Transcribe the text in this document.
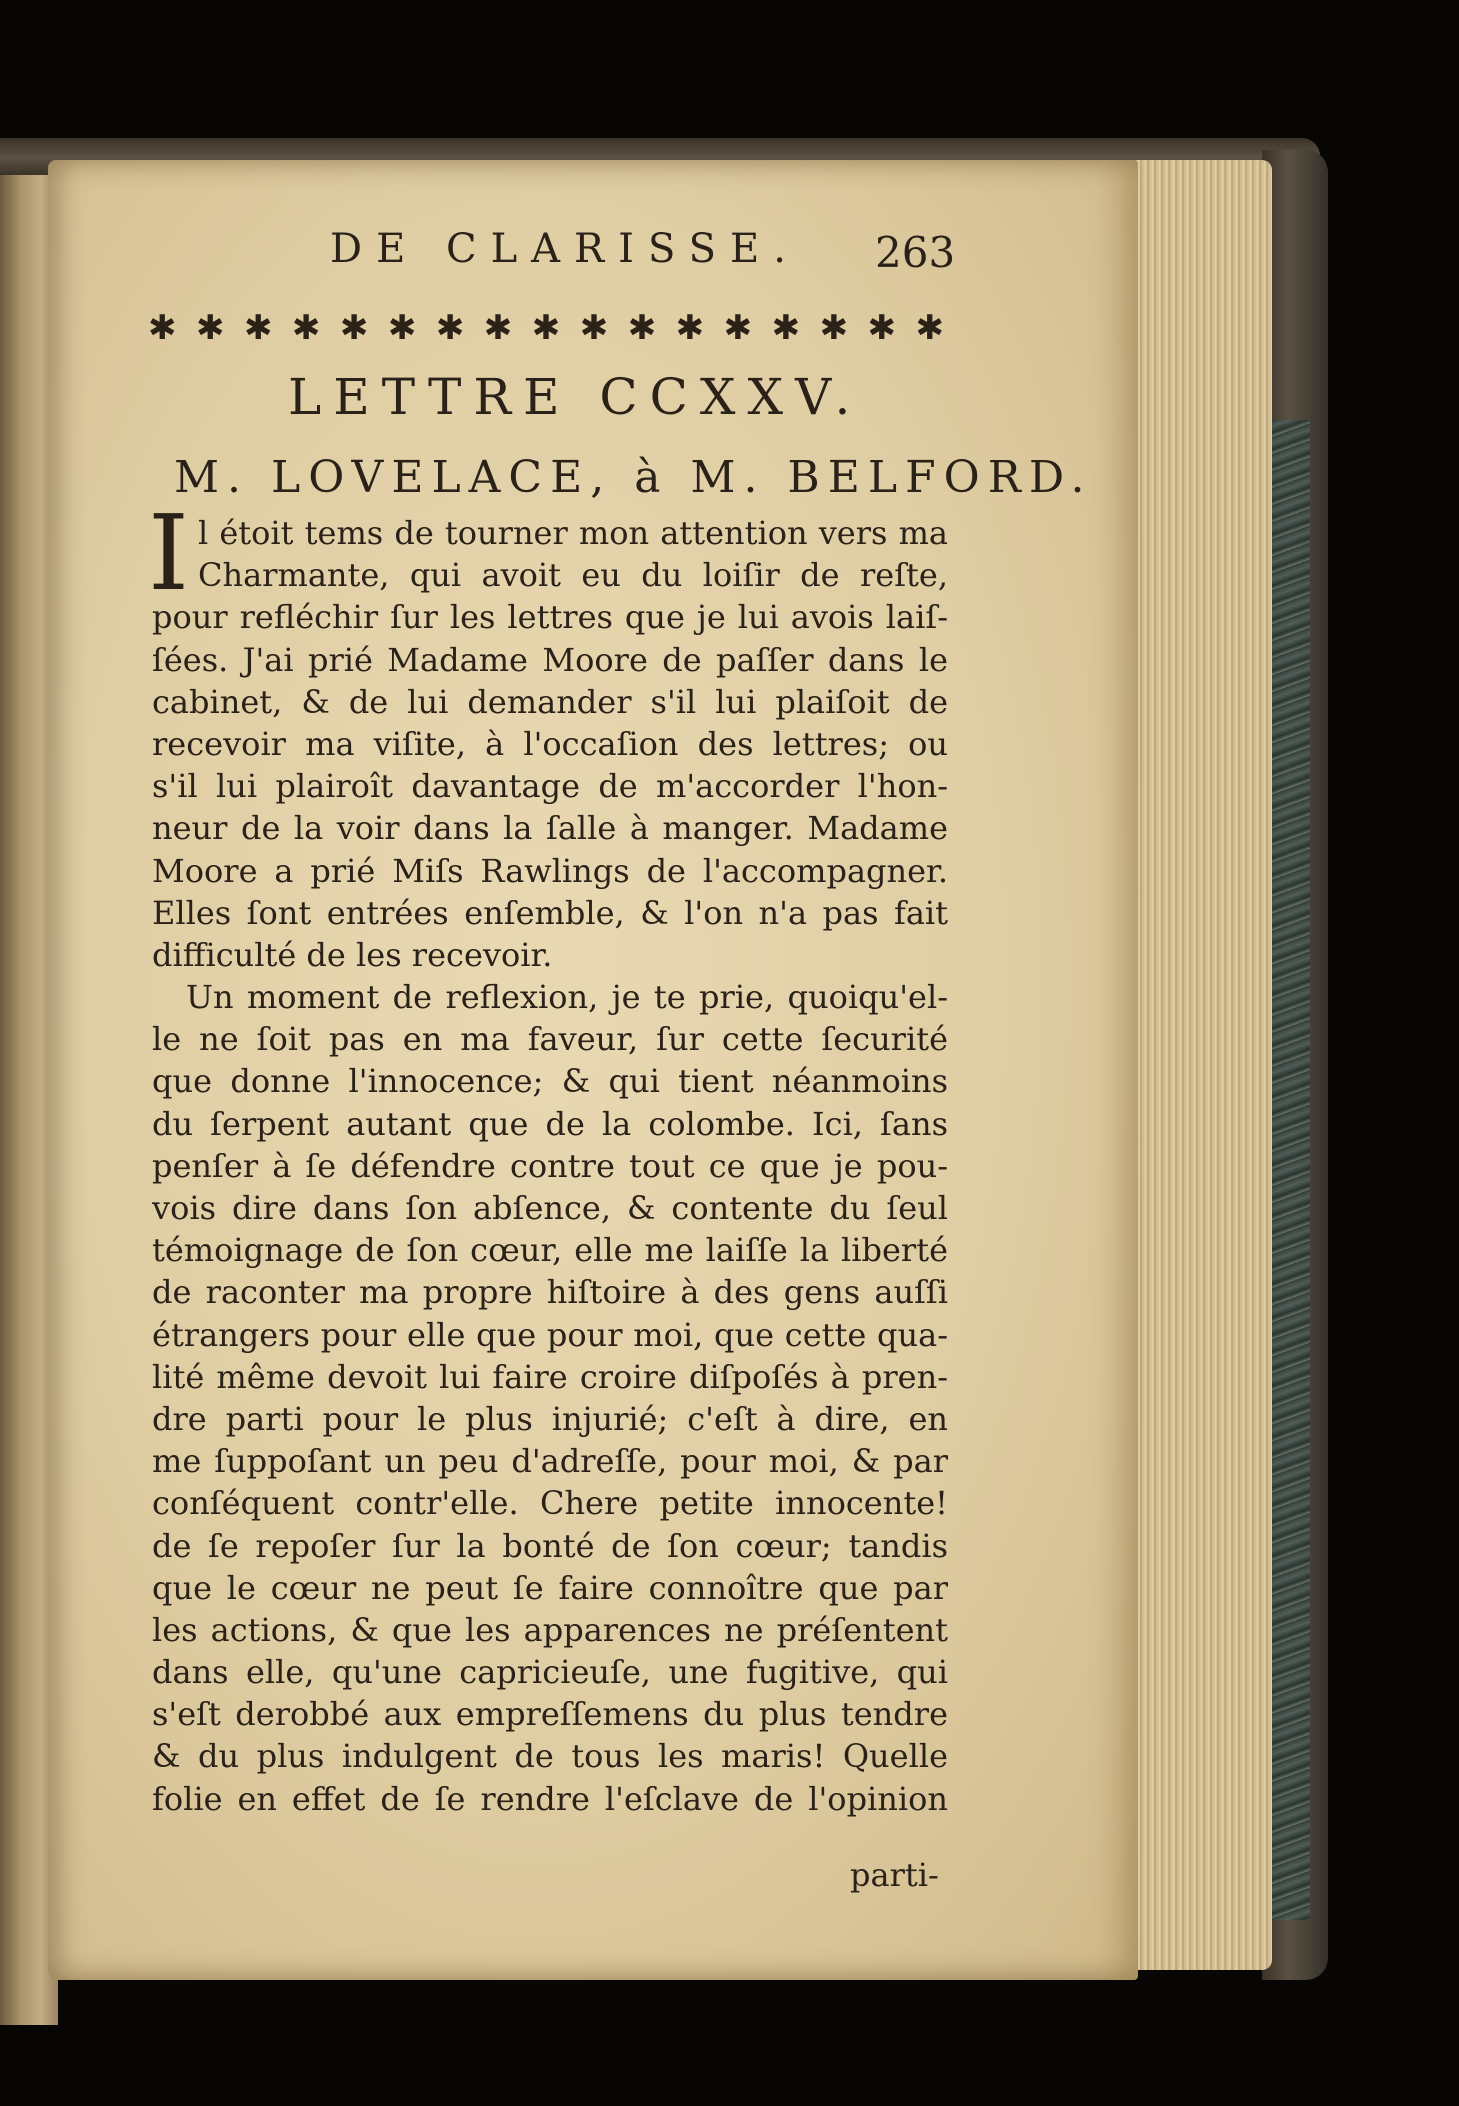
DE CLARISSE. 263
✱ ✱ ✱ ✱ ✱ ✱ ✱ ✱ ✱ ✱ ✱ ✱ ✱ ✱ ✱ ✱ ✱
LETTRE CCXXV.
M. LOVELACE, à M. BELFORD.
I l étoit tems de tourner mon attention vers ma
Charmante, qui avoit eu du loiſir de reſte,
pour refléchir ſur les lettres que je lui avois laiſ-
ſées. J'ai prié Madame Moore de paſſer dans le
cabinet, & de lui demander s'il lui plaiſoit de
recevoir ma viſite, à l'occaſion des lettres; ou
s'il lui plairoît davantage de m'accorder l'hon-
neur de la voir dans la ſalle à manger. Madame
Moore a prié Miſs Rawlings de l'accompagner.
Elles ſont entrées enſemble, & l'on n'a pas fait
difficulté de les recevoir.
Un moment de reflexion, je te prie, quoiqu'el-
le ne ſoit pas en ma faveur, ſur cette ſecurité
que donne l'innocence; & qui tient néanmoins
du ſerpent autant que de la colombe. Ici, ſans
penſer à ſe défendre contre tout ce que je pou-
vois dire dans ſon abſence, & contente du ſeul
témoignage de ſon cœur, elle me laiſſe la liberté
de raconter ma propre hiſtoire à des gens auſſi
étrangers pour elle que pour moi, que cette qua-
lité même devoit lui faire croire diſpoſés à pren-
dre parti pour le plus injurié; c'eſt à dire, en
me ſuppoſant un peu d'adreſſe, pour moi, & par
conſéquent contr'elle. Chere petite innocente!
de ſe repoſer ſur la bonté de ſon cœur; tandis
que le cœur ne peut ſe faire connoître que par
les actions, & que les apparences ne préſentent
dans elle, qu'une capricieuſe, une fugitive, qui
s'eſt derobbé aux empreſſemens du plus tendre
& du plus indulgent de tous les maris! Quelle
folie en effet de ſe rendre l'eſclave de l'opinion
parti-
